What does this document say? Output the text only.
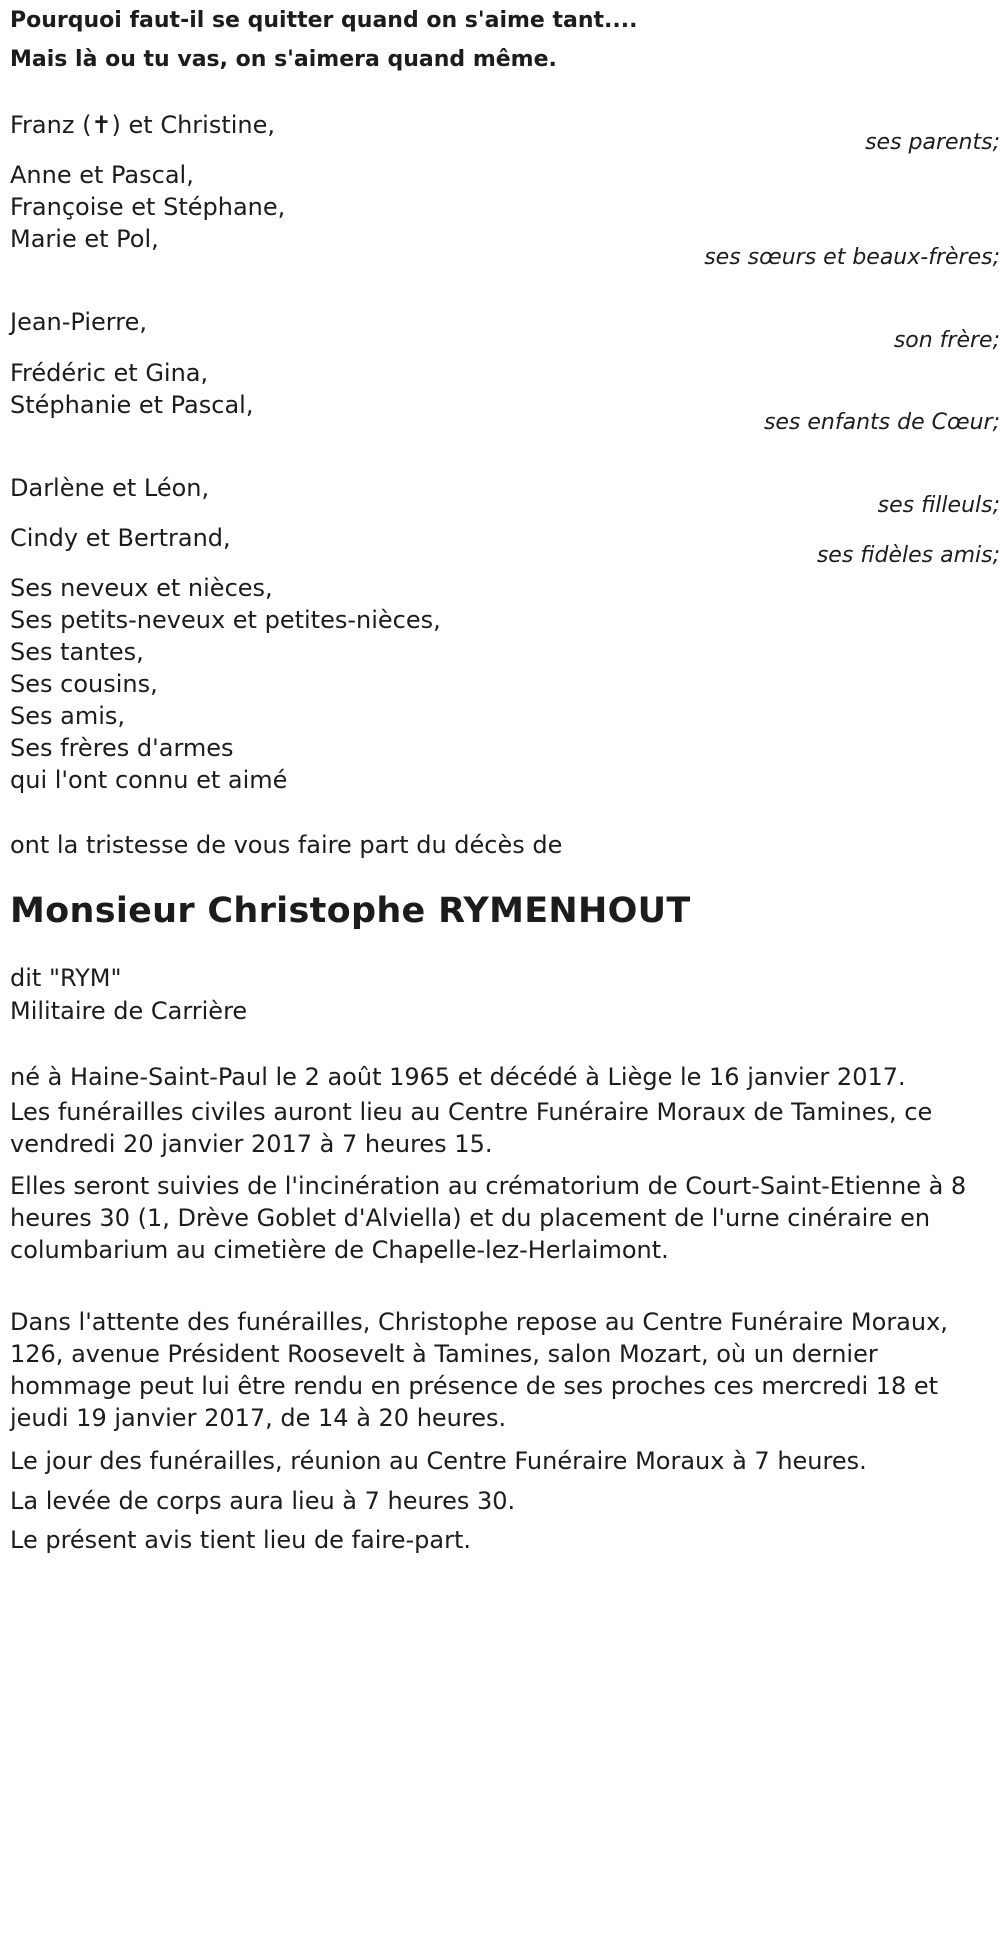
Pourquoi faut-il se quitter quand on s'aime tant....
Mais là ou tu vas, on s'aimera quand même.
Franz (✝) et Christine,
ses parents;
Anne et Pascal,
Françoise et Stéphane,
Marie et Pol,
ses sœurs et beaux-frères;
Jean-Pierre,
son frère;
Frédéric et Gina,
Stéphanie et Pascal,
ses enfants de Cœur;
Darlène et Léon,
ses filleuls;
Cindy et Bertrand,
ses fidèles amis;
Ses neveux et nièces,
Ses petits-neveux et petites-nièces,
Ses tantes,
Ses cousins,
Ses amis,
Ses frères d'armes
qui l'ont connu et aimé
ont la tristesse de vous faire part du décès de
Monsieur Christophe RYMENHOUT
dit "RYM"
Militaire de Carrière
né à Haine-Saint-Paul le 2 août 1965 et décédé à Liège le 16 janvier 2017.
Les funérailles civiles auront lieu au Centre Funéraire Moraux de Tamines, ce vendredi 20 janvier 2017 à 7 heures 15.
Elles seront suivies de l'incinération au crématorium de Court-Saint-Etienne à 8 heures 30 (1, Drève Goblet d'Alviella) et du placement de l'urne cinéraire en columbarium au cimetière de Chapelle-lez-Herlaimont.
Dans l'attente des funérailles, Christophe repose au Centre Funéraire Moraux, 126, avenue Président Roosevelt à Tamines, salon Mozart, où un dernier hommage peut lui être rendu en présence de ses proches ces mercredi 18 et jeudi 19 janvier 2017, de 14 à 20 heures.
Le jour des funérailles, réunion au Centre Funéraire Moraux à 7 heures.
La levée de corps aura lieu à 7 heures 30.
Le présent avis tient lieu de faire-part.
